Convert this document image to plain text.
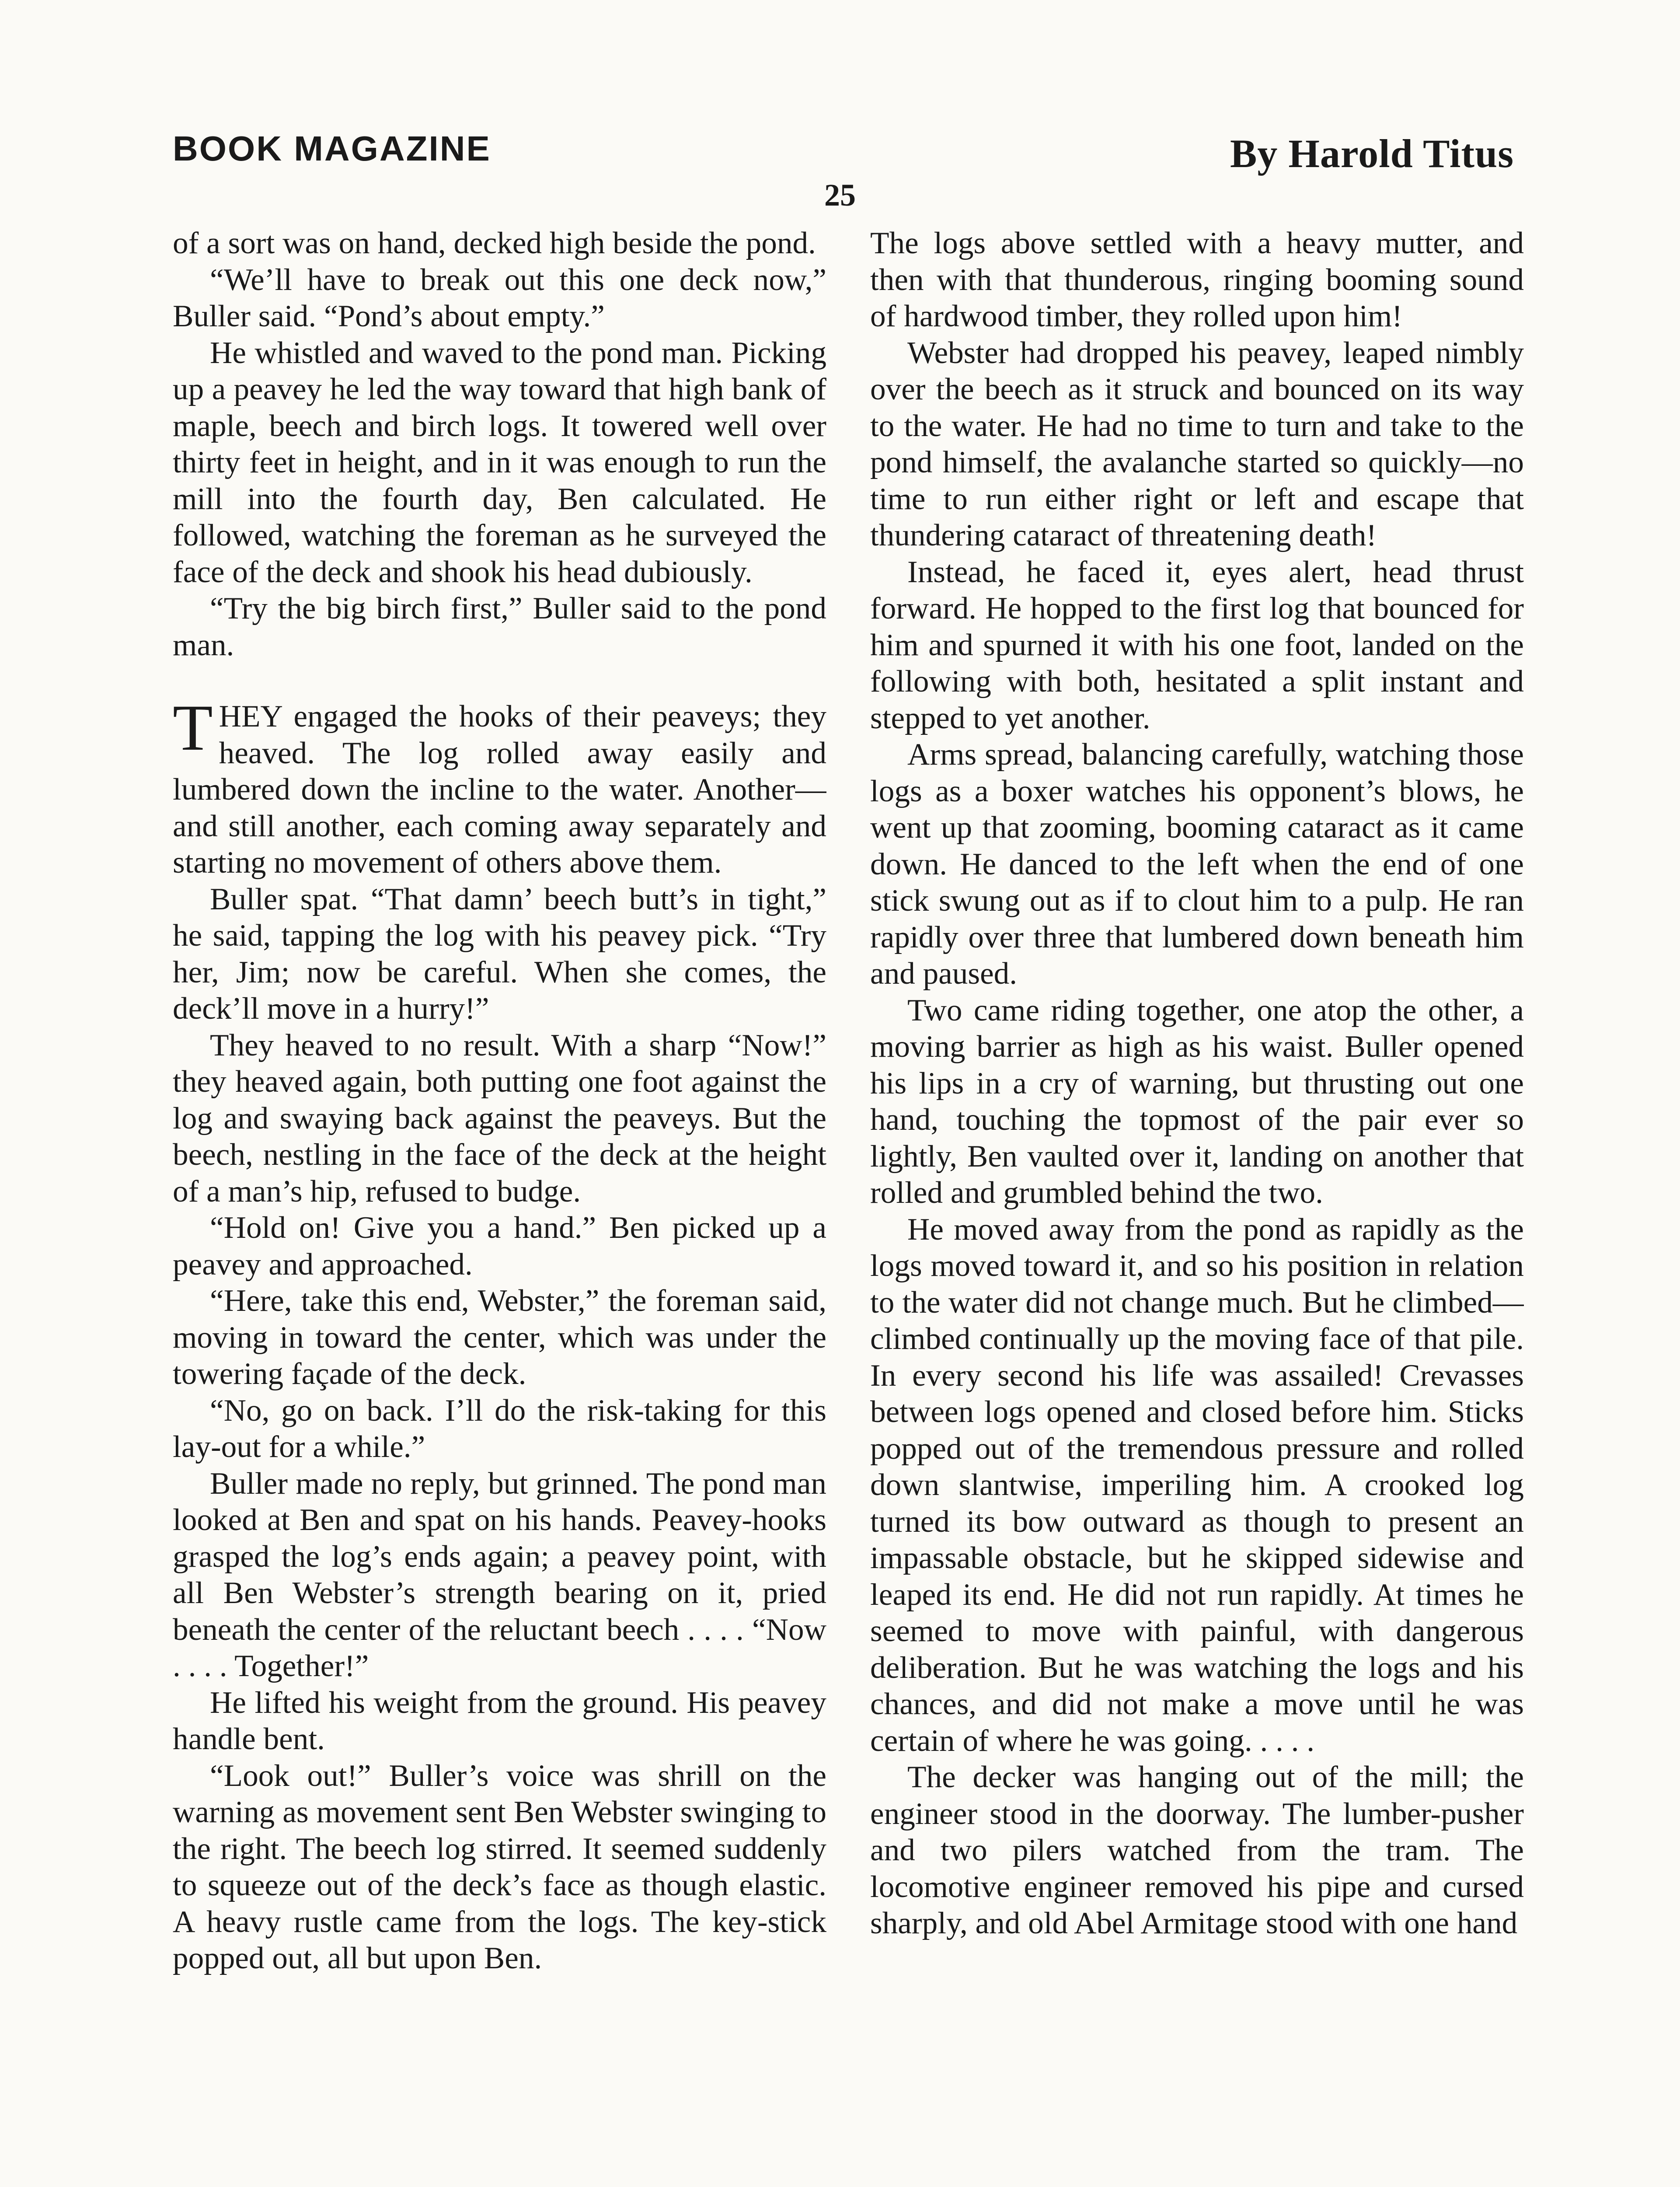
BOOK MAGAZINE	By Harold Titus
25

of a sort was on hand, decked high beside the pond.

“We’ll have to break out this one deck now,” Buller said. “Pond’s about empty.”

He whistled and waved to the pond man. Picking up a peavey he led the way toward that high bank of maple, beech and birch logs. It towered well over thirty feet in height, and in it was enough to run the mill into the fourth day, Ben calculated. He followed, watching the foreman as he surveyed the face of the deck and shook his head dubiously.

“Try the big birch first,” Buller said to the pond man.

THEY engaged the hooks of their peaveys; they heaved. The log rolled away easily and lumbered down the incline to the water. Another—and still another, each coming away separately and starting no movement of others above them.

Buller spat. “That damn’ beech butt’s in tight,” he said, tapping the log with his peavey pick. “Try her, Jim; now be careful. When she comes, the deck’ll move in a hurry!”

They heaved to no result. With a sharp “Now!” they heaved again, both putting one foot against the log and swaying back against the peaveys. But the beech, nestling in the face of the deck at the height of a man’s hip, refused to budge.

“Hold on! Give you a hand.” Ben picked up a peavey and approached.

“Here, take this end, Webster,” the foreman said, moving in toward the center, which was under the towering façade of the deck.

“No, go on back. I’ll do the risk-taking for this lay-out for a while.”

Buller made no reply, but grinned. The pond man looked at Ben and spat on his hands. Peavey-hooks grasped the log’s ends again; a peavey point, with all Ben Webster’s strength bearing on it, pried beneath the center of the reluctant beech . . . . “Now . . . . Together!”

He lifted his weight from the ground. His peavey handle bent.

“Look out!” Buller’s voice was shrill on the warning as movement sent Ben Webster swinging to the right. The beech log stirred. It seemed suddenly to squeeze out of the deck’s face as though elastic. A heavy rustle came from the logs. The key-stick popped out, all but upon Ben.

The logs above settled with a heavy mutter, and then with that thunderous, ringing booming sound of hardwood timber, they rolled upon him!

Webster had dropped his peavey, leaped nimbly over the beech as it struck and bounced on its way to the water. He had no time to turn and take to the pond himself, the avalanche started so quickly—no time to run either right or left and escape that thundering cataract of threatening death!

Instead, he faced it, eyes alert, head thrust forward. He hopped to the first log that bounced for him and spurned it with his one foot, landed on the following with both, hesitated a split instant and stepped to yet another.

Arms spread, balancing carefully, watching those logs as a boxer watches his opponent’s blows, he went up that zooming, booming cataract as it came down. He danced to the left when the end of one stick swung out as if to clout him to a pulp. He ran rapidly over three that lumbered down beneath him and paused.

Two came riding together, one atop the other, a moving barrier as high as his waist. Buller opened his lips in a cry of warning, but thrusting out one hand, touching the topmost of the pair ever so lightly, Ben vaulted over it, landing on another that rolled and grumbled behind the two.

He moved away from the pond as rapidly as the logs moved toward it, and so his position in relation to the water did not change much. But he climbed—climbed continually up the moving face of that pile. In every second his life was assailed! Crevasses between logs opened and closed before him. Sticks popped out of the tremendous pressure and rolled down slantwise, imperiling him. A crooked log turned its bow outward as though to present an impassable obstacle, but he skipped sidewise and leaped its end. He did not run rapidly. At times he seemed to move with painful, with dangerous deliberation. But he was watching the logs and his chances, and did not make a move until he was certain of where he was going. . . . .

The decker was hanging out of the mill; the engineer stood in the doorway. The lumber-pusher and two pilers watched from the tram. The locomotive engineer removed his pipe and cursed sharply, and old Abel Armitage stood with one hand
